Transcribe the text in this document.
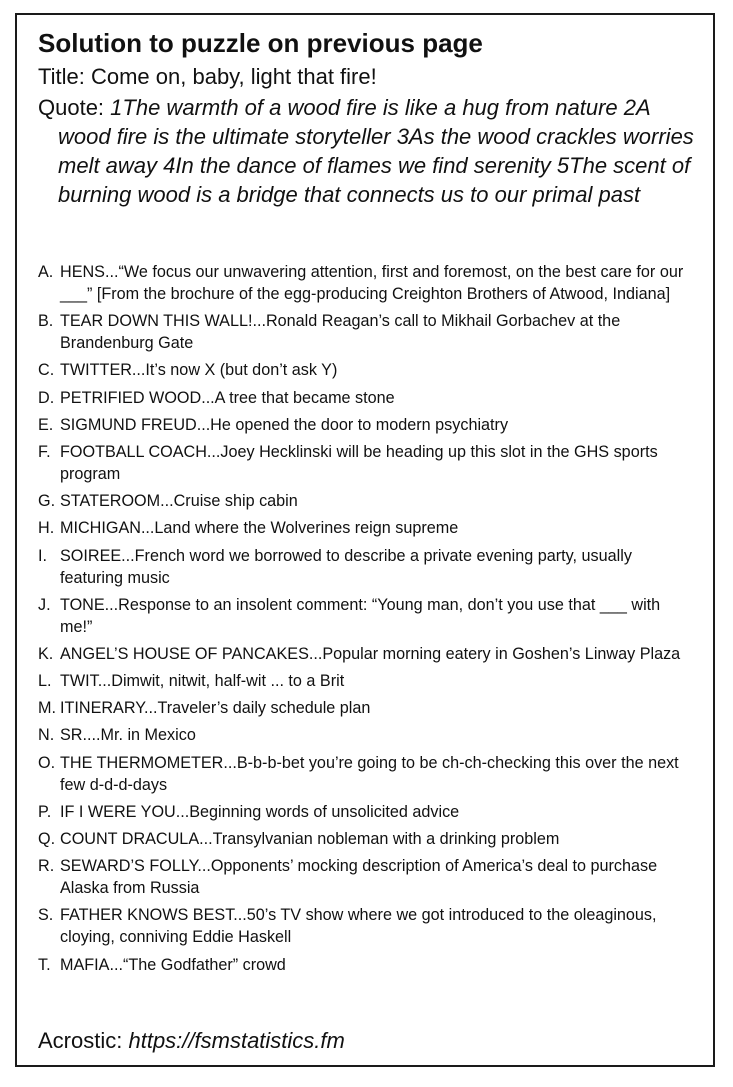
Solution to puzzle on previous page
Title: Come on, baby, light that fire!
Quote: 1The warmth of a wood fire is like a hug from nature 2A wood fire is the ultimate storyteller 3As the wood crackles worries melt away 4In the dance of flames we find serenity 5The scent of burning wood is a bridge that connects us to our primal past
A. HENS...“We focus our unwavering attention, first and foremost, on the best care for our ___” [From the brochure of the egg-producing Creighton Brothers of Atwood, Indiana]
B. TEAR DOWN THIS WALL!...Ronald Reagan’s call to Mikhail Gorbachev at the Brandenburg Gate
C. TWITTER...It’s now X (but don’t ask Y)
D. PETRIFIED WOOD...A tree that became stone
E. SIGMUND FREUD...He opened the door to modern psychiatry
F. FOOTBALL COACH...Joey Hecklinski will be heading up this slot in the GHS sports program
G. STATEROOM...Cruise ship cabin
H. MICHIGAN...Land where the Wolverines reign supreme
I. SOIREE...French word we borrowed to describe a private evening party, usually featuring music
J. TONE...Response to an insolent comment: “Young man, don’t you use that ___ with me!”
K. ANGEL’S HOUSE OF PANCAKES...Popular morning eatery in Goshen’s Linway Plaza
L. TWIT...Dimwit, nitwit, half-wit ... to a Brit
M. ITINERARY...Traveler’s daily schedule plan
N. SR....Mr. in Mexico
O. THE THERMOMETER...B-b-b-bet you’re going to be ch-ch-checking this over the next few d-d-d-days
P. IF I WERE YOU...Beginning words of unsolicited advice
Q. COUNT DRACULA...Transylvanian nobleman with a drinking problem
R. SEWARD’S FOLLY...Opponents’ mocking description of America’s deal to purchase Alaska from Russia
S. FATHER KNOWS BEST...50’s TV show where we got introduced to the oleaginous, cloying, conniving Eddie Haskell
T. MAFIA...“The Godfather” crowd
Acrostic: https://fsmstatistics.fm
